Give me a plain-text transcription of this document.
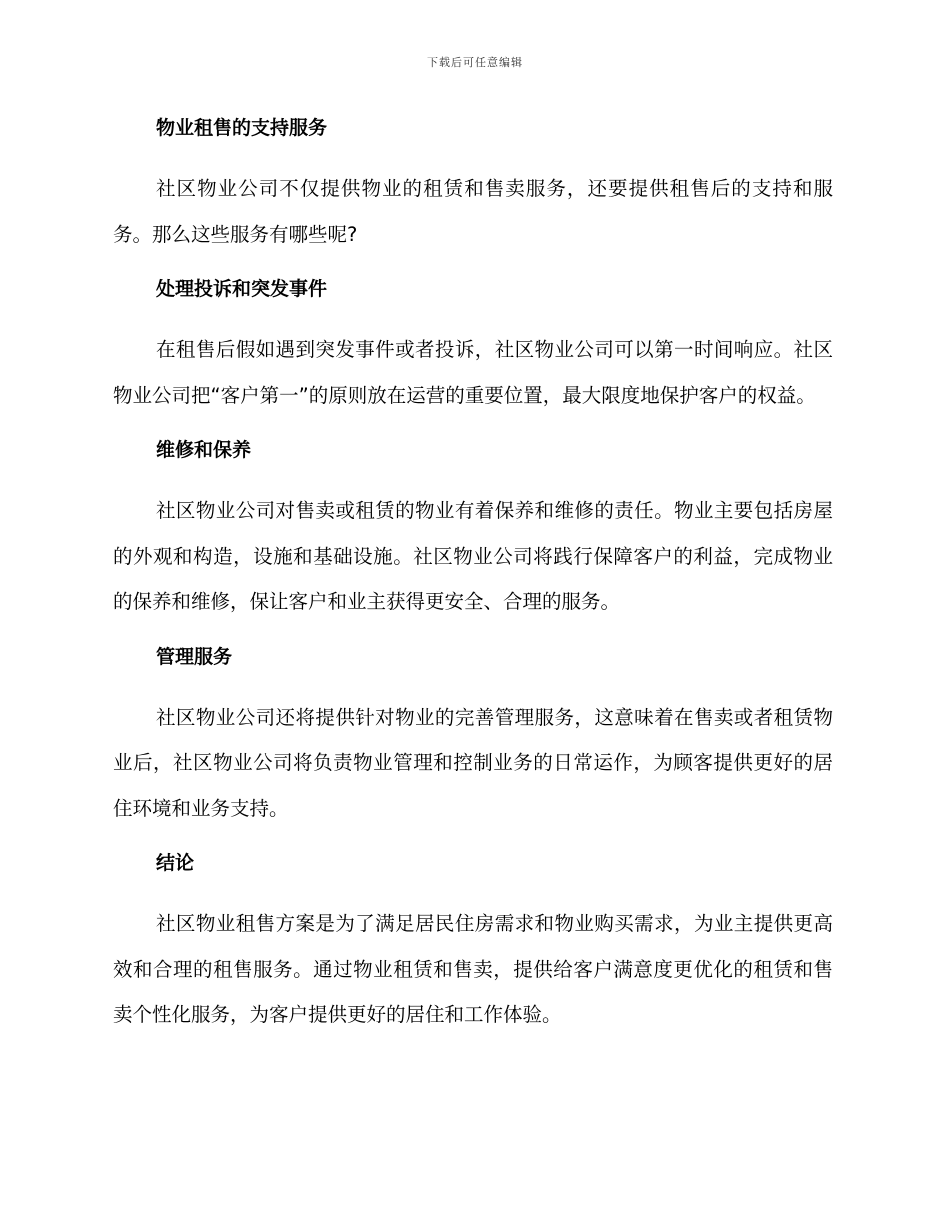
下载后可任意编辑
物业租售的支持服务
社区物业公司不仅提供物业的租赁和售卖服务，还要提供租售后的支持和服务。那么这些服务有哪些呢?
处理投诉和突发事件
在租售后假如遇到突发事件或者投诉，社区物业公司可以第一时间响应。社区物业公司把“客户第一”的原则放在运营的重要位置，最大限度地保护客户的权益。
维修和保养
社区物业公司对售卖或租赁的物业有着保养和维修的责任。物业主要包括房屋的外观和构造，设施和基础设施。社区物业公司将践行保障客户的利益，完成物业的保养和维修，保让客户和业主获得更安全、合理的服务。
管理服务
社区物业公司还将提供针对物业的完善管理服务，这意味着在售卖或者租赁物业后，社区物业公司将负责物业管理和控制业务的日常运作，为顾客提供更好的居住环境和业务支持。
结论
社区物业租售方案是为了满足居民住房需求和物业购买需求，为业主提供更高效和合理的租售服务。通过物业租赁和售卖，提供给客户满意度更优化的租赁和售卖个性化服务，为客户提供更好的居住和工作体验。
